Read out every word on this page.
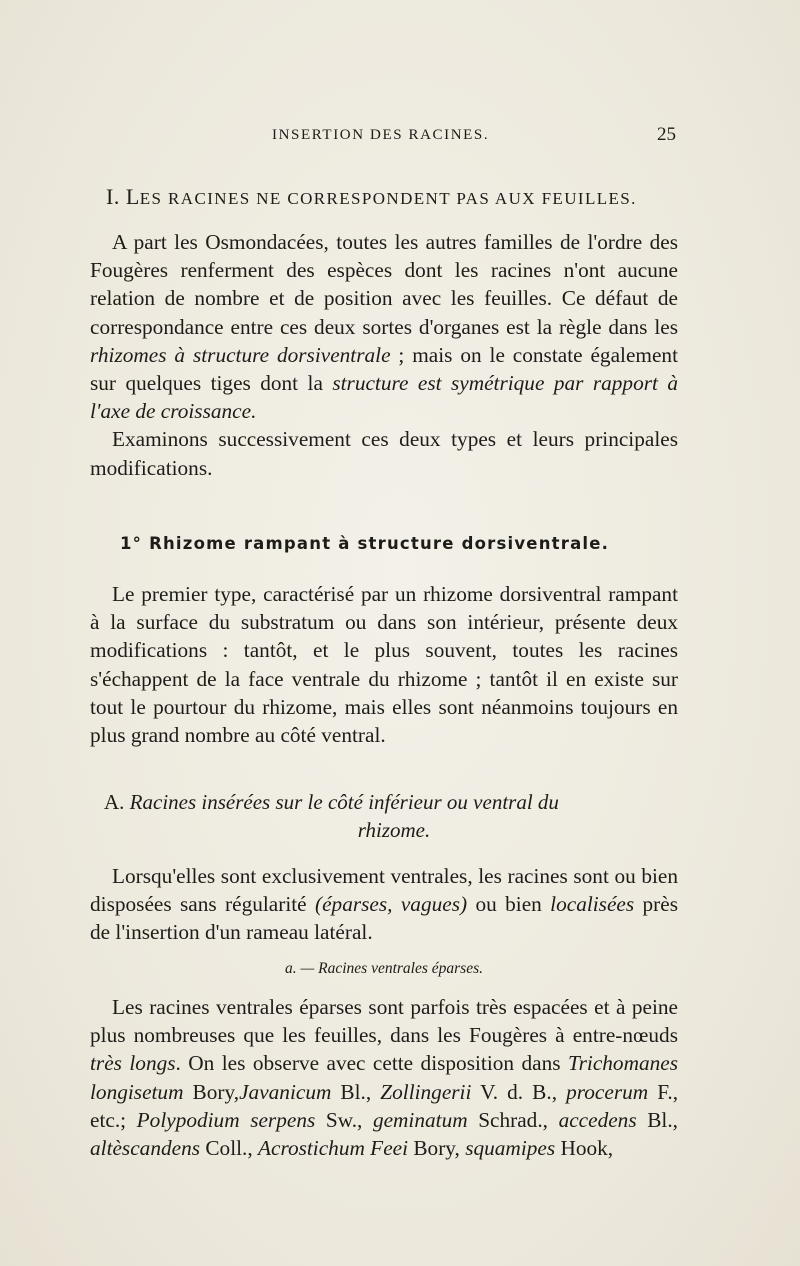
INSERTION DES RACINES.	25
I. LES RACINES NE CORRESPONDENT PAS AUX FEUILLES.

A part les Osmondacées, toutes les autres familles de l'ordre des Fougères renferment des espèces dont les racines n'ont aucune relation de nombre et de position avec les feuilles. Ce défaut de correspondance entre ces deux sortes d'organes est la règle dans les rhizomes à structure dorsiventrale ; mais on le constate également sur quelques tiges dont la structure est symétrique par rapport à l'axe de croissance.

Examinons successivement ces deux types et leurs principales modifications.

1° Rhizome rampant à structure dorsiventrale.

Le premier type, caractérisé par un rhizome dorsiventral rampant à la surface du substratum ou dans son intérieur, présente deux modifications : tantôt, et le plus souvent, toutes les racines s'échappent de la face ventrale du rhizome ; tantôt il en existe sur tout le pourtour du rhizome, mais elles sont néanmoins toujours en plus grand nombre au côté ventral.

A. Racines insérées sur le côté inférieur ou ventral du
rhizome.

Lorsqu'elles sont exclusivement ventrales, les racines sont ou bien disposées sans régularité (éparses, vagues) ou bien localisées près de l'insertion d'un rameau latéral.

a. — Racines ventrales éparses.

Les racines ventrales éparses sont parfois très espacées et à peine plus nombreuses que les feuilles, dans les Fougères à entre-nœuds très longs. On les observe avec cette disposition dans Trichomanes longisetum Bory,Javanicum Bl., Zollingerii V. d. B., procerum F., etc.; Polypodium serpens Sw., geminatum Schrad., accedens Bl., altèscandens Coll., Acrostichum Feei Bory, squamipes Hook,
